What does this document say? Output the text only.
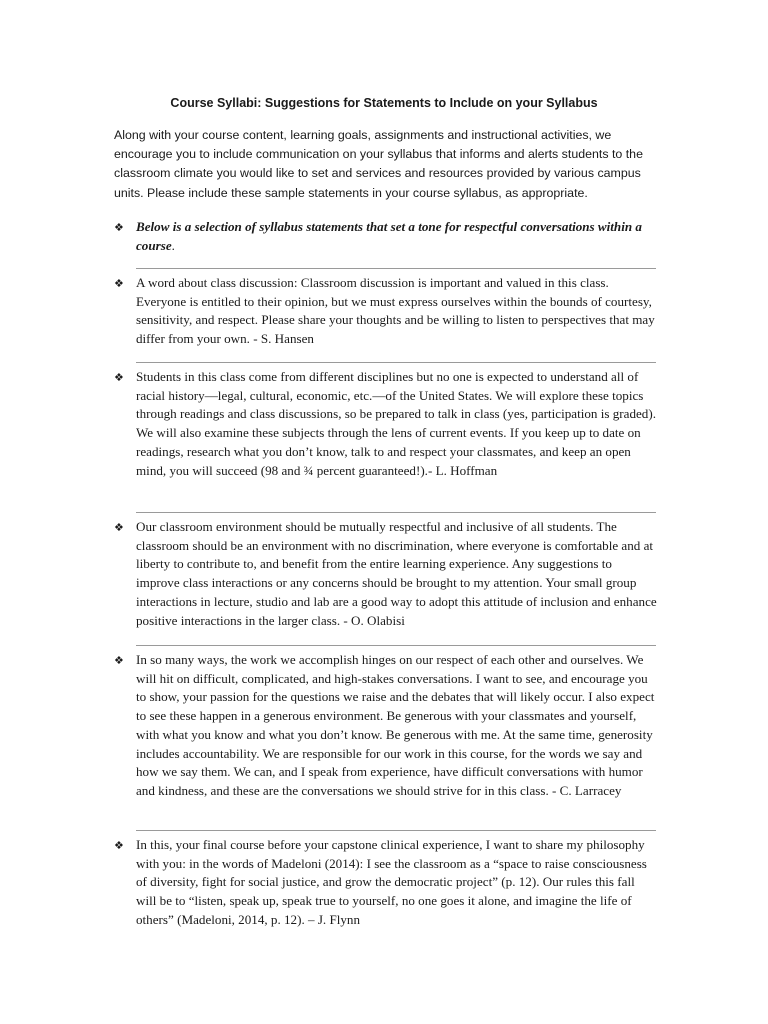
Course Syllabi: Suggestions for Statements to Include on your Syllabus
Along with your course content, learning goals, assignments and instructional activities, we encourage you to include communication on your syllabus that informs and alerts students to the classroom climate you would like to set and services and resources provided by various campus units. Please include these sample statements in your course syllabus, as appropriate.
❖ Below is a selection of syllabus statements that set a tone for respectful conversations within a course.
❖ A word about class discussion: Classroom discussion is important and valued in this class. Everyone is entitled to their opinion, but we must express ourselves within the bounds of courtesy, sensitivity, and respect. Please share your thoughts and be willing to listen to perspectives that may differ from your own. - S. Hansen
❖ Students in this class come from different disciplines but no one is expected to understand all of racial history—legal, cultural, economic, etc.—of the United States. We will explore these topics through readings and class discussions, so be prepared to talk in class (yes, participation is graded). We will also examine these subjects through the lens of current events. If you keep up to date on readings, research what you don’t know, talk to and respect your classmates, and keep an open mind, you will succeed (98 and ¾ percent guaranteed!).- L. Hoffman
❖ Our classroom environment should be mutually respectful and inclusive of all students. The classroom should be an environment with no discrimination, where everyone is comfortable and at liberty to contribute to, and benefit from the entire learning experience. Any suggestions to improve class interactions or any concerns should be brought to my attention. Your small group interactions in lecture, studio and lab are a good way to adopt this attitude of inclusion and enhance positive interactions in the larger class. - O. Olabisi
❖ In so many ways, the work we accomplish hinges on our respect of each other and ourselves. We will hit on difficult, complicated, and high-stakes conversations. I want to see, and encourage you to show, your passion for the questions we raise and the debates that will likely occur. I also expect to see these happen in a generous environment. Be generous with your classmates and yourself, with what you know and what you don’t know. Be generous with me. At the same time, generosity includes accountability. We are responsible for our work in this course, for the words we say and how we say them. We can, and I speak from experience, have difficult conversations with humor and kindness, and these are the conversations we should strive for in this class. - C. Larracey
❖ In this, your final course before your capstone clinical experience, I want to share my philosophy with you: in the words of Madeloni (2014): I see the classroom as a “space to raise consciousness of diversity, fight for social justice, and grow the democratic project” (p. 12). Our rules this fall will be to “listen, speak up, speak true to yourself, no one goes it alone, and imagine the life of others” (Madeloni, 2014, p. 12). – J. Flynn
